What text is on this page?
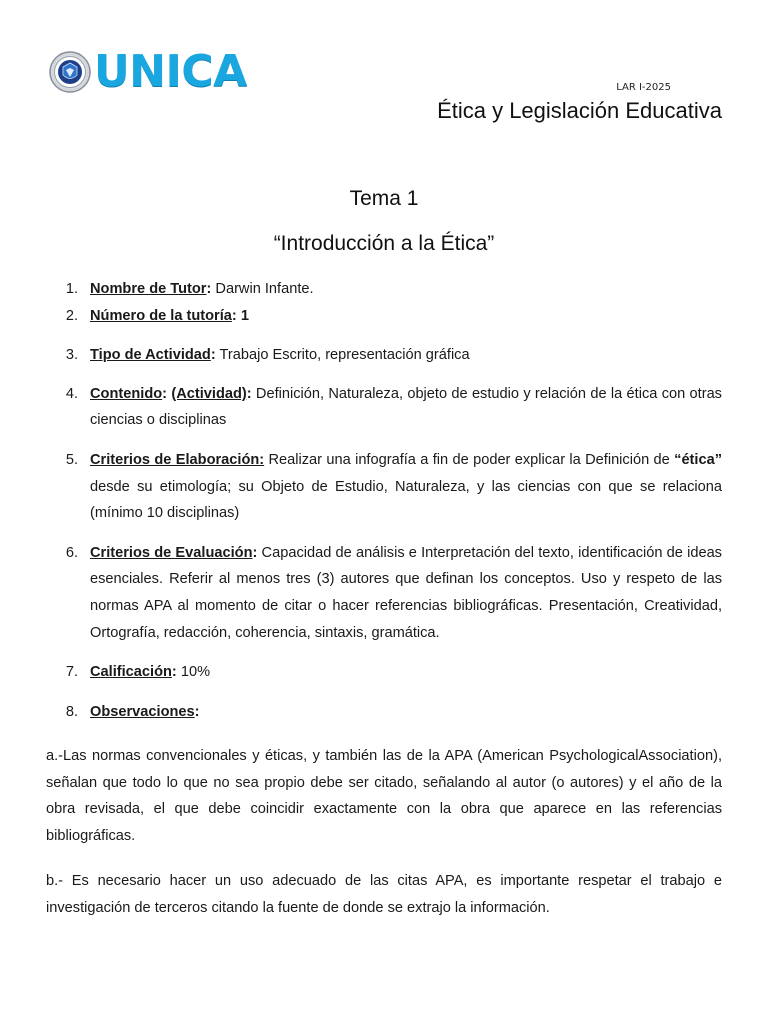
UNICA	LAR I-2025
Ética y Legislación Educativa
Tema 1
“Introducción a la Ética”
1. Nombre de Tutor: Darwin Infante.
2. Número de la tutoría: 1
3. Tipo de Actividad: Trabajo Escrito, representación gráfica
4. Contenido: (Actividad): Definición, Naturaleza, objeto de estudio y relación de la ética con otras ciencias o disciplinas
5. Criterios de Elaboración: Realizar una infografía a fin de poder explicar la Definición de “ética” desde su etimología; su Objeto de Estudio, Naturaleza, y las ciencias con que se relaciona (mínimo 10 disciplinas)
6. Criterios de Evaluación: Capacidad de análisis e Interpretación del texto, identificación de ideas esenciales. Referir al menos tres (3) autores que definan los conceptos. Uso y respeto de las normas APA al momento de citar o hacer referencias bibliográficas. Presentación, Creatividad, Ortografía, redacción, coherencia, sintaxis, gramática.
7. Calificación: 10%
8. Observaciones:
a.-Las normas convencionales y éticas, y también las de la APA (American PsychologicalAssociation), señalan que todo lo que no sea propio debe ser citado, señalando al autor (o autores) y el año de la obra revisada, el que debe coincidir exactamente con la obra que aparece en las referencias bibliográficas.
b.- Es necesario hacer un uso adecuado de las citas APA, es importante respetar el trabajo e investigación de terceros citando la fuente de donde se extrajo la información.
